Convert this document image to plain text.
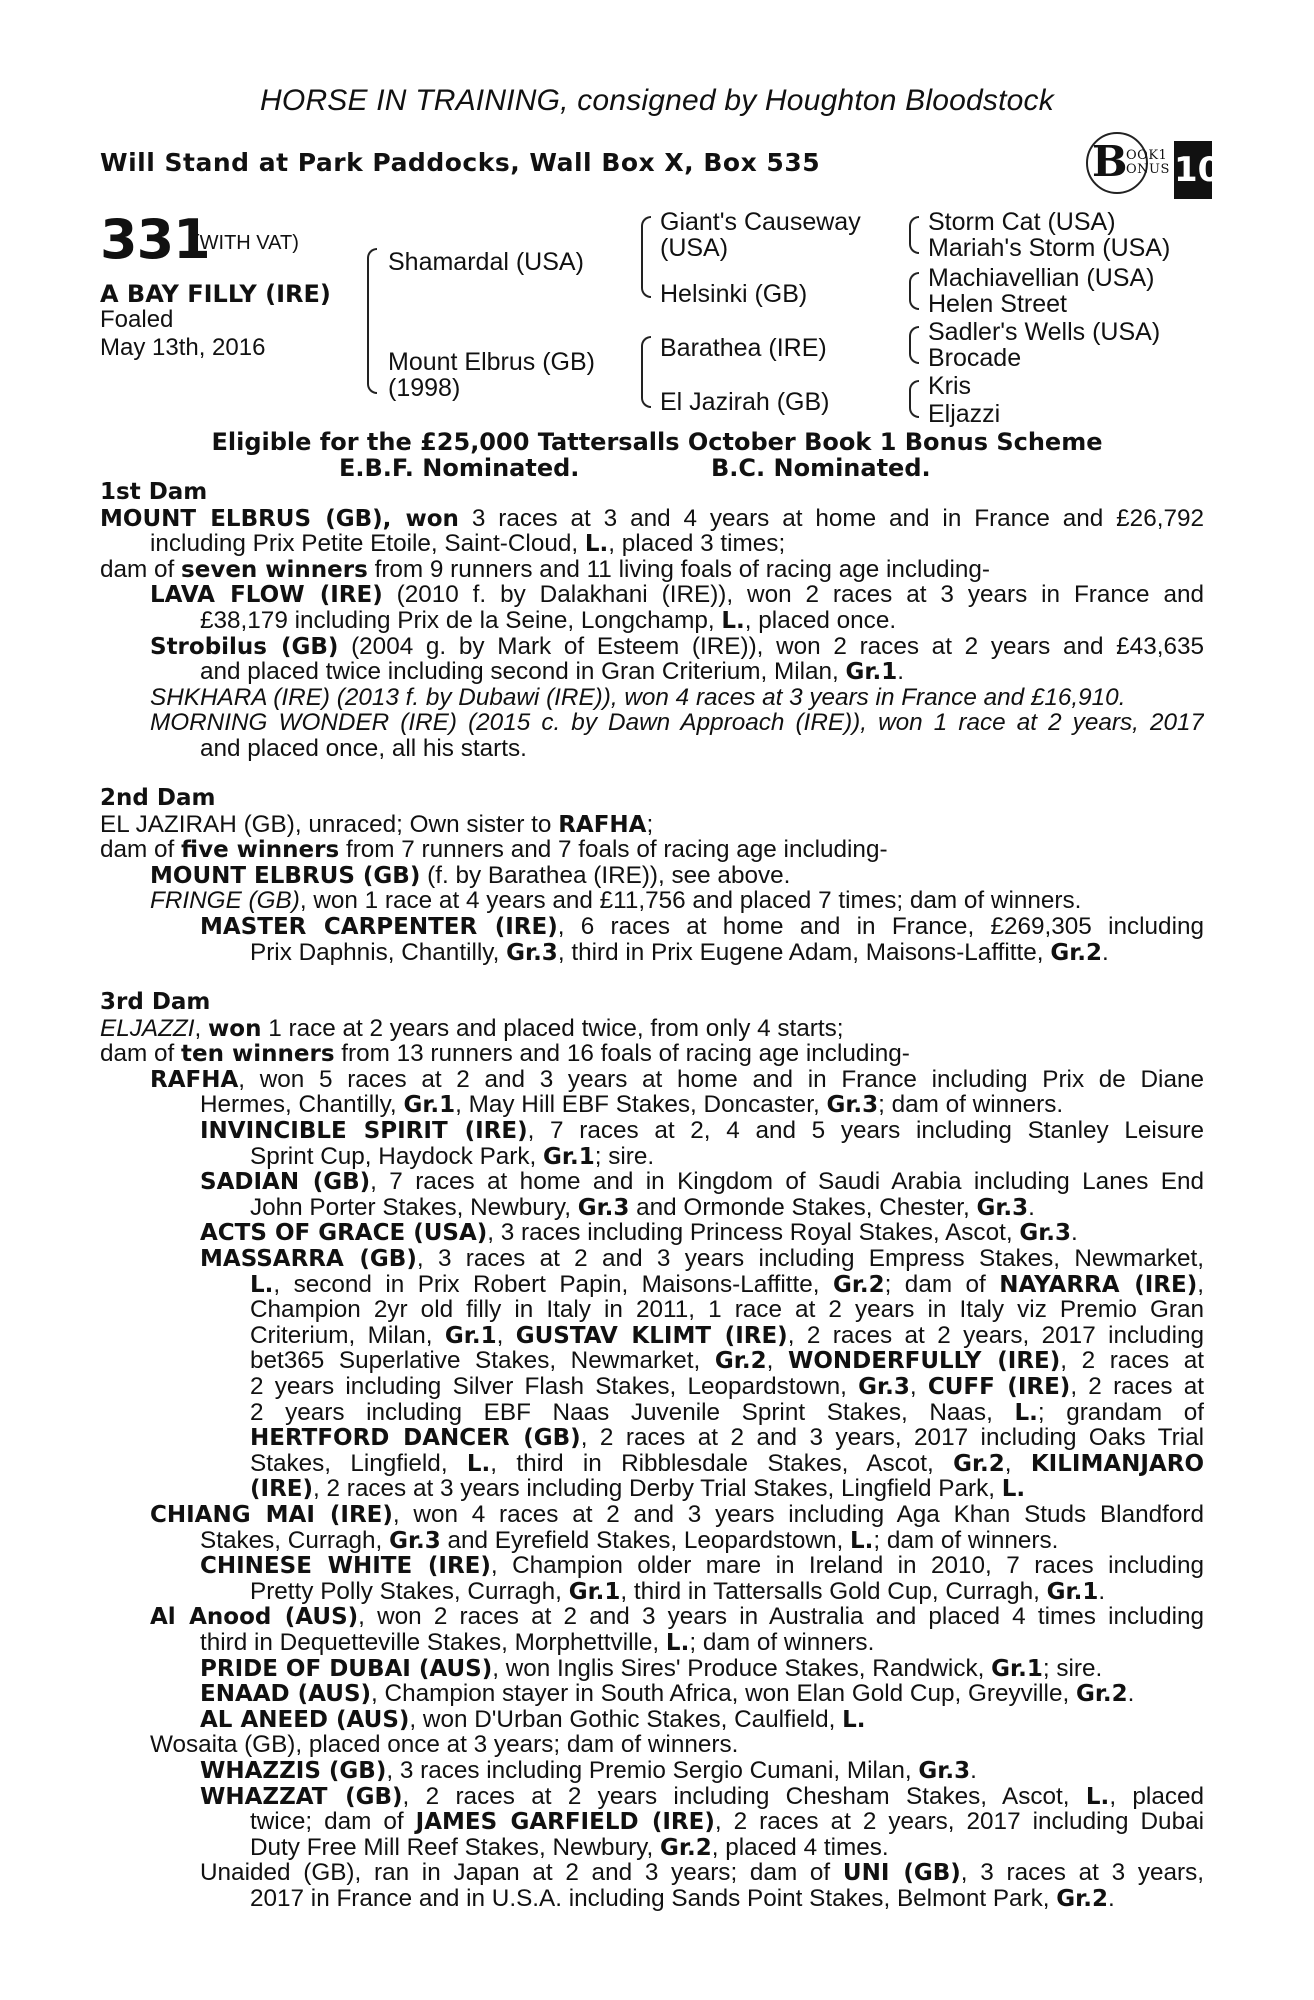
HORSE IN TRAINING, consigned by Houghton Bloodstock
Will Stand at Park Paddocks, Wall Box X, Box 535	B
OOK1
ONUS
+
10
331
(WITH VAT)
A BAY FILLY (IRE)
Foaled
May 13th, 2016
Shamardal (USA)
Mount Elbrus (GB)
(1998)
Giant's Causeway
(USA)
Helsinki (GB)
Barathea (IRE)
El Jazirah (GB)
Storm Cat (USA)
Mariah's Storm (USA)
Machiavellian (USA)
Helen Street
Sadler's Wells (USA)
Brocade
Kris
Eljazzi
Eligible for the £25,000 Tattersalls October Book 1 Bonus Scheme
E.B.F. Nominated.	B.C. Nominated.
1st Dam
MOUNT ELBRUS (GB), won 3 races at 3 and 4 years at home and in France and £26,792
including Prix Petite Etoile, Saint-Cloud, L., placed 3 times;
dam of seven winners from 9 runners and 11 living foals of racing age including-
LAVA FLOW (IRE) (2010 f. by Dalakhani (IRE)), won 2 races at 3 years in France and
£38,179 including Prix de la Seine, Longchamp, L., placed once.
Strobilus (GB) (2004 g. by Mark of Esteem (IRE)), won 2 races at 2 years and £43,635
and placed twice including second in Gran Criterium, Milan, Gr.1.
SHKHARA (IRE) (2013 f. by Dubawi (IRE)), won 4 races at 3 years in France and £16,910.
MORNING WONDER (IRE) (2015 c. by Dawn Approach (IRE)), won 1 race at 2 years, 2017
and placed once, all his starts.
2nd Dam
EL JAZIRAH (GB), unraced; Own sister to RAFHA;
dam of five winners from 7 runners and 7 foals of racing age including-
MOUNT ELBRUS (GB) (f. by Barathea (IRE)), see above.
FRINGE (GB), won 1 race at 4 years and £11,756 and placed 7 times; dam of winners.
MASTER CARPENTER (IRE), 6 races at home and in France, £269,305 including
Prix Daphnis, Chantilly, Gr.3, third in Prix Eugene Adam, Maisons-Laffitte, Gr.2.
3rd Dam
ELJAZZI, won 1 race at 2 years and placed twice, from only 4 starts;
dam of ten winners from 13 runners and 16 foals of racing age including-
RAFHA, won 5 races at 2 and 3 years at home and in France including Prix de Diane
Hermes, Chantilly, Gr.1, May Hill EBF Stakes, Doncaster, Gr.3; dam of winners.
INVINCIBLE SPIRIT (IRE), 7 races at 2, 4 and 5 years including Stanley Leisure
Sprint Cup, Haydock Park, Gr.1; sire.
SADIAN (GB), 7 races at home and in Kingdom of Saudi Arabia including Lanes End
John Porter Stakes, Newbury, Gr.3 and Ormonde Stakes, Chester, Gr.3.
ACTS OF GRACE (USA), 3 races including Princess Royal Stakes, Ascot, Gr.3.
MASSARRA (GB), 3 races at 2 and 3 years including Empress Stakes, Newmarket,
L., second in Prix Robert Papin, Maisons-Laffitte, Gr.2; dam of NAYARRA (IRE),
Champion 2yr old filly in Italy in 2011, 1 race at 2 years in Italy viz Premio Gran
Criterium, Milan, Gr.1, GUSTAV KLIMT (IRE), 2 races at 2 years, 2017 including
bet365 Superlative Stakes, Newmarket, Gr.2, WONDERFULLY (IRE), 2 races at
2 years including Silver Flash Stakes, Leopardstown, Gr.3, CUFF (IRE), 2 races at
2 years including EBF Naas Juvenile Sprint Stakes, Naas, L.; grandam of
HERTFORD DANCER (GB), 2 races at 2 and 3 years, 2017 including Oaks Trial
Stakes, Lingfield, L., third in Ribblesdale Stakes, Ascot, Gr.2, KILIMANJARO
(IRE), 2 races at 3 years including Derby Trial Stakes, Lingfield Park, L.
CHIANG MAI (IRE), won 4 races at 2 and 3 years including Aga Khan Studs Blandford
Stakes, Curragh, Gr.3 and Eyrefield Stakes, Leopardstown, L.; dam of winners.
CHINESE WHITE (IRE), Champion older mare in Ireland in 2010, 7 races including
Pretty Polly Stakes, Curragh, Gr.1, third in Tattersalls Gold Cup, Curragh, Gr.1.
Al Anood (AUS), won 2 races at 2 and 3 years in Australia and placed 4 times including
third in Dequetteville Stakes, Morphettville, L.; dam of winners.
PRIDE OF DUBAI (AUS), won Inglis Sires' Produce Stakes, Randwick, Gr.1; sire.
ENAAD (AUS), Champion stayer in South Africa, won Elan Gold Cup, Greyville, Gr.2.
AL ANEED (AUS), won D'Urban Gothic Stakes, Caulfield, L.
Wosaita (GB), placed once at 3 years; dam of winners.
WHAZZIS (GB), 3 races including Premio Sergio Cumani, Milan, Gr.3.
WHAZZAT (GB), 2 races at 2 years including Chesham Stakes, Ascot, L., placed
twice; dam of JAMES GARFIELD (IRE), 2 races at 2 years, 2017 including Dubai
Duty Free Mill Reef Stakes, Newbury, Gr.2, placed 4 times.
Unaided (GB), ran in Japan at 2 and 3 years; dam of UNI (GB), 3 races at 3 years,
2017 in France and in U.S.A. including Sands Point Stakes, Belmont Park, Gr.2.
